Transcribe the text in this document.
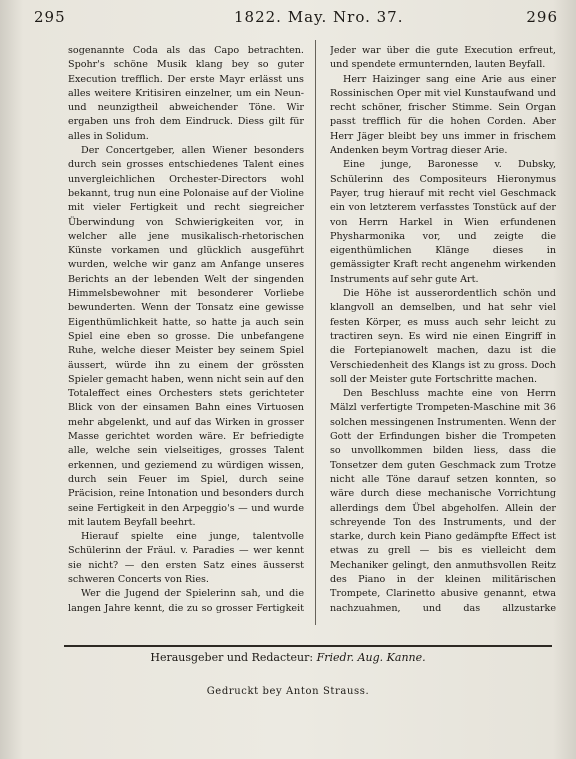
295	1822. May. Nro. 37.	296

sogenannte Coda als das Capo betrachten. Spohr's schöne Musik klang bey so guter Execution trefflich. Der erste Mayr erlässt uns alles weitere Kritisiren einzelner, um ein Neun- und neunzigtheil abweichender Töne. Wir ergaben uns froh dem Eindruck. Diess gilt für alles in Solidum.

Der Concertgeber, allen Wiener besonders durch sein grosses entschiedenes Talent eines unvergleichlichen Orchester-Directors wohl bekannt, trug nun eine Polonaise auf der Violine mit vieler Fertigkeit und recht siegreicher Überwindung von Schwierigkeiten vor, in welcher alle jene musikalisch-rhetorischen Künste vorkamen und glücklich ausgeführt wurden, welche wir ganz am Anfange unseres Berichts an der lebenden Welt der singenden Himmelsbewohner mit besonderer Vorliebe bewunderten. Wenn der Tonsatz eine gewisse Eigenthümlichkeit hatte, so hatte ja auch sein Spiel eine eben so grosse. Die unbefangene Ruhe, welche dieser Meister bey seinem Spiel äussert, würde ihn zu einem der grössten Spieler gemacht haben, wenn nicht sein auf den Totaleffect eines Orchesters stets gerichteter Blick von der einsamen Bahn eines Virtuosen mehr abgelenkt, und auf das Wirken in grosser Masse gerichtet worden wäre. Er befriedigte alle, welche sein vielseitiges, grosses Talent erkennen, und geziemend zu würdigen wissen, durch sein Feuer im Spiel, durch seine Präcision, reine Intonation und besonders durch seine Fertigkeit in den Arpeggio's — und wurde mit lautem Beyfall beehrt.

Hierauf spielte eine junge, talentvolle Schülerinn der Fräul. v. Paradies — wer kennt sie nicht? — den ersten Satz eines äusserst schweren Concerts von Ries.

Wer die Jugend der Spielerinn sah, und die langen Jahre kennt, die zu so grosser Fertigkeit

Jeder war über die gute Execution erfreut, und spendete ermunternden, lauten Beyfall.

Herr Haizinger sang eine Arie aus einer Rossinischen Oper mit viel Kunstaufwand und recht schöner, frischer Stimme. Sein Organ passt trefflich für die hohen Corden. Aber Herr Jäger bleibt bey uns immer in frischem Andenken beym Vortrag dieser Arie.

Eine junge, Baronesse v. Dubsky, Schülerinn des Compositeurs Hieronymus Payer, trug hierauf mit recht viel Geschmack ein von letzterem verfasstes Tonstück auf der von Herrn Harkel in Wien erfundenen Physharmonika vor, und zeigte die eigenthümlichen Klänge dieses in gemässigter Kraft recht angenehm wirkenden Instruments auf sehr gute Art.

Die Höhe ist ausserordentlich schön und klangvoll an demselben, und hat sehr viel festen Körper, es muss auch sehr leicht zu tractiren seyn. Es wird nie einen Eingriff in die Fortepianowelt machen, dazu ist die Verschiedenheit des Klangs ist zu gross. Doch soll der Meister gute Fortschritte machen.

Den Beschluss machte eine von Herrn Mälzl verfertigte Trompeten-Maschine mit 36 solchen messingenen Instrumenten. Wenn der Gott der Erfindungen bisher die Trompeten so unvollkommen bilden liess, dass die Tonsetzer dem guten Geschmack zum Trotze nicht alle Töne darauf setzen konnten, so wäre durch diese mechanische Vorrichtung allerdings dem Übel abgeholfen. Allein der schreyende Ton des Instruments, und der starke, durch kein Piano gedämpfte Effect ist etwas zu grell — bis es vielleicht dem Mechaniker gelingt, den anmuthsvollen Reitz des Piano in der kleinen militärischen Trompete, Clarinetto abusive genannt, etwa nachzuahmen, und das allzustarke

Herausgeber und Redacteur: Friedr. Aug. Kanne.
Gedruckt bey Anton Strauss.
